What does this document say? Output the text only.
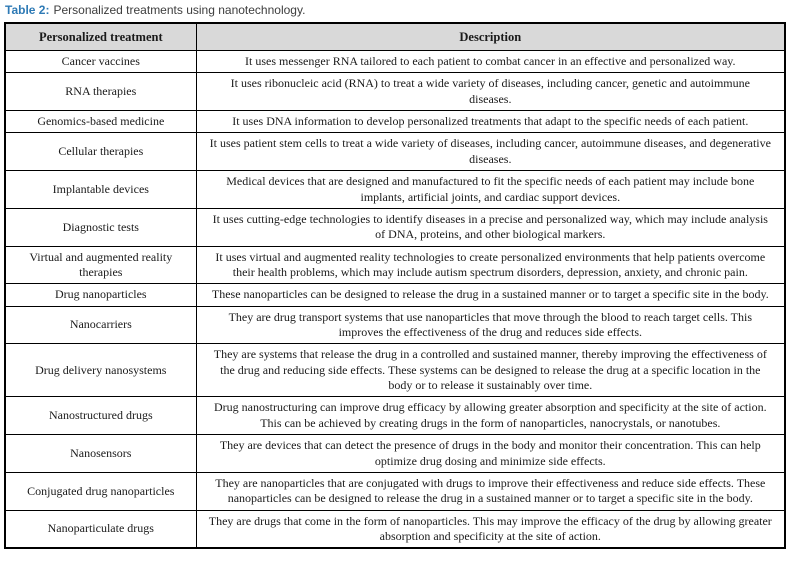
Table 2: Personalized treatments using nanotechnology.

Personalized treatment	Description
Cancer vaccines	It uses messenger RNA tailored to each patient to combat cancer in an effective and personalized way.
RNA therapies	It uses ribonucleic acid (RNA) to treat a wide variety of diseases, including cancer, genetic and autoimmune diseases.
Genomics-based medicine	It uses DNA information to develop personalized treatments that adapt to the specific needs of each patient.
Cellular therapies	It uses patient stem cells to treat a wide variety of diseases, including cancer, autoimmune diseases, and degenerative diseases.
Implantable devices	Medical devices that are designed and manufactured to fit the specific needs of each patient may include bone implants, artificial joints, and cardiac support devices.
Diagnostic tests	It uses cutting-edge technologies to identify diseases in a precise and personalized way, which may include analysis of DNA, proteins, and other biological markers.
Virtual and augmented reality therapies	It uses virtual and augmented reality technologies to create personalized environments that help patients overcome their health problems, which may include autism spectrum disorders, depression, anxiety, and chronic pain.
Drug nanoparticles	These nanoparticles can be designed to release the drug in a sustained manner or to target a specific site in the body.
Nanocarriers	They are drug transport systems that use nanoparticles that move through the blood to reach target cells. This improves the effectiveness of the drug and reduces side effects.
Drug delivery nanosystems	They are systems that release the drug in a controlled and sustained manner, thereby improving the effectiveness of the drug and reducing side effects. These systems can be designed to release the drug at a specific location in the body or to release it sustainably over time.
Nanostructured drugs	Drug nanostructuring can improve drug efficacy by allowing greater absorption and specificity at the site of action. This can be achieved by creating drugs in the form of nanoparticles, nanocrystals, or nanotubes.
Nanosensors	They are devices that can detect the presence of drugs in the body and monitor their concentration. This can help optimize drug dosing and minimize side effects.
Conjugated drug nanoparticles	They are nanoparticles that are conjugated with drugs to improve their effectiveness and reduce side effects. These nanoparticles can be designed to release the drug in a sustained manner or to target a specific site in the body.
Nanoparticulate drugs	They are drugs that come in the form of nanoparticles. This may improve the efficacy of the drug by allowing greater absorption and specificity at the site of action.
